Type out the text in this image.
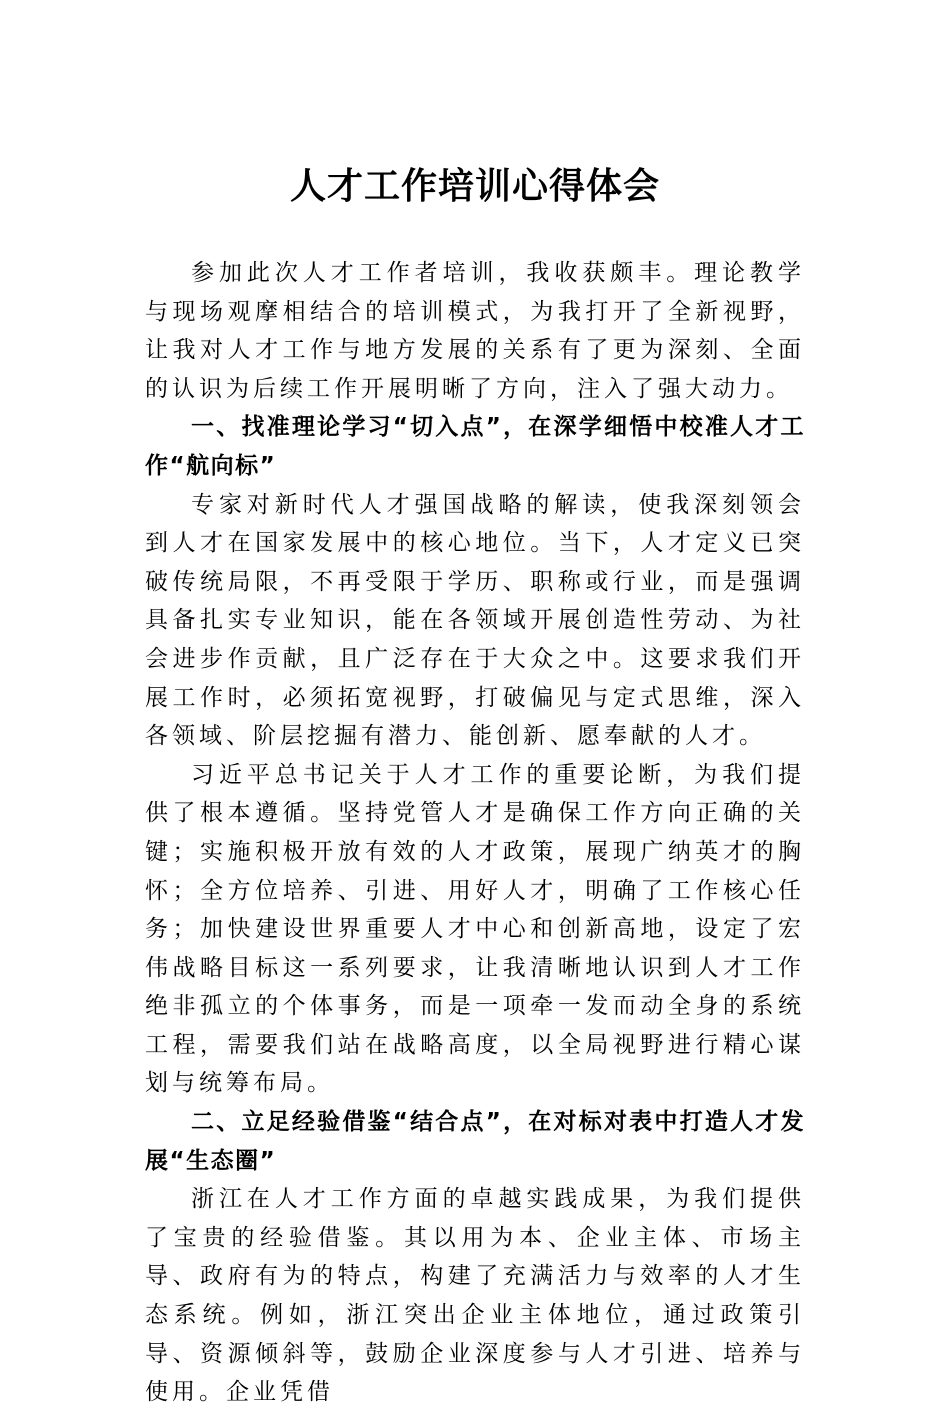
人才工作培训心得体会

参加此次人才工作者培训，我收获颇丰。理论教学与现场观摩相结合的培训模式，为我打开了全新视野，让我对人才工作与地方发展的关系有了更为深刻、全面的认识为后续工作开展明晰了方向，注入了强大动力。

一、找准理论学习“切入点”，在深学细悟中校准人才工作“航向标”

专家对新时代人才强国战略的解读，使我深刻领会到人才在国家发展中的核心地位。当下，人才定义已突破传统局限，不再受限于学历、职称或行业，而是强调具备扎实专业知识，能在各领域开展创造性劳动、为社会进步作贡献，且广泛存在于大众之中。这要求我们开展工作时，必须拓宽视野，打破偏见与定式思维，深入各领域、阶层挖掘有潜力、能创新、愿奉献的人才。

习近平总书记关于人才工作的重要论断，为我们提供了根本遵循。坚持党管人才是确保工作方向正确的关键；实施积极开放有效的人才政策，展现广纳英才的胸怀；全方位培养、引进、用好人才，明确了工作核心任务；加快建设世界重要人才中心和创新高地，设定了宏伟战略目标这一系列要求，让我清晰地认识到人才工作绝非孤立的个体事务，而是一项牵一发而动全身的系统工程，需要我们站在战略高度，以全局视野进行精心谋划与统筹布局。

二、立足经验借鉴“结合点”，在对标对表中打造人才发展“生态圈”

浙江在人才工作方面的卓越实践成果，为我们提供了宝贵的经验借鉴。其以用为本、企业主体、市场主导、政府有为的特点，构建了充满活力与效率的人才生态系统。例如，浙江突出企业主体地位，通过政策引导、资源倾斜等，鼓励企业深度参与人才引进、培养与使用。企业凭借
